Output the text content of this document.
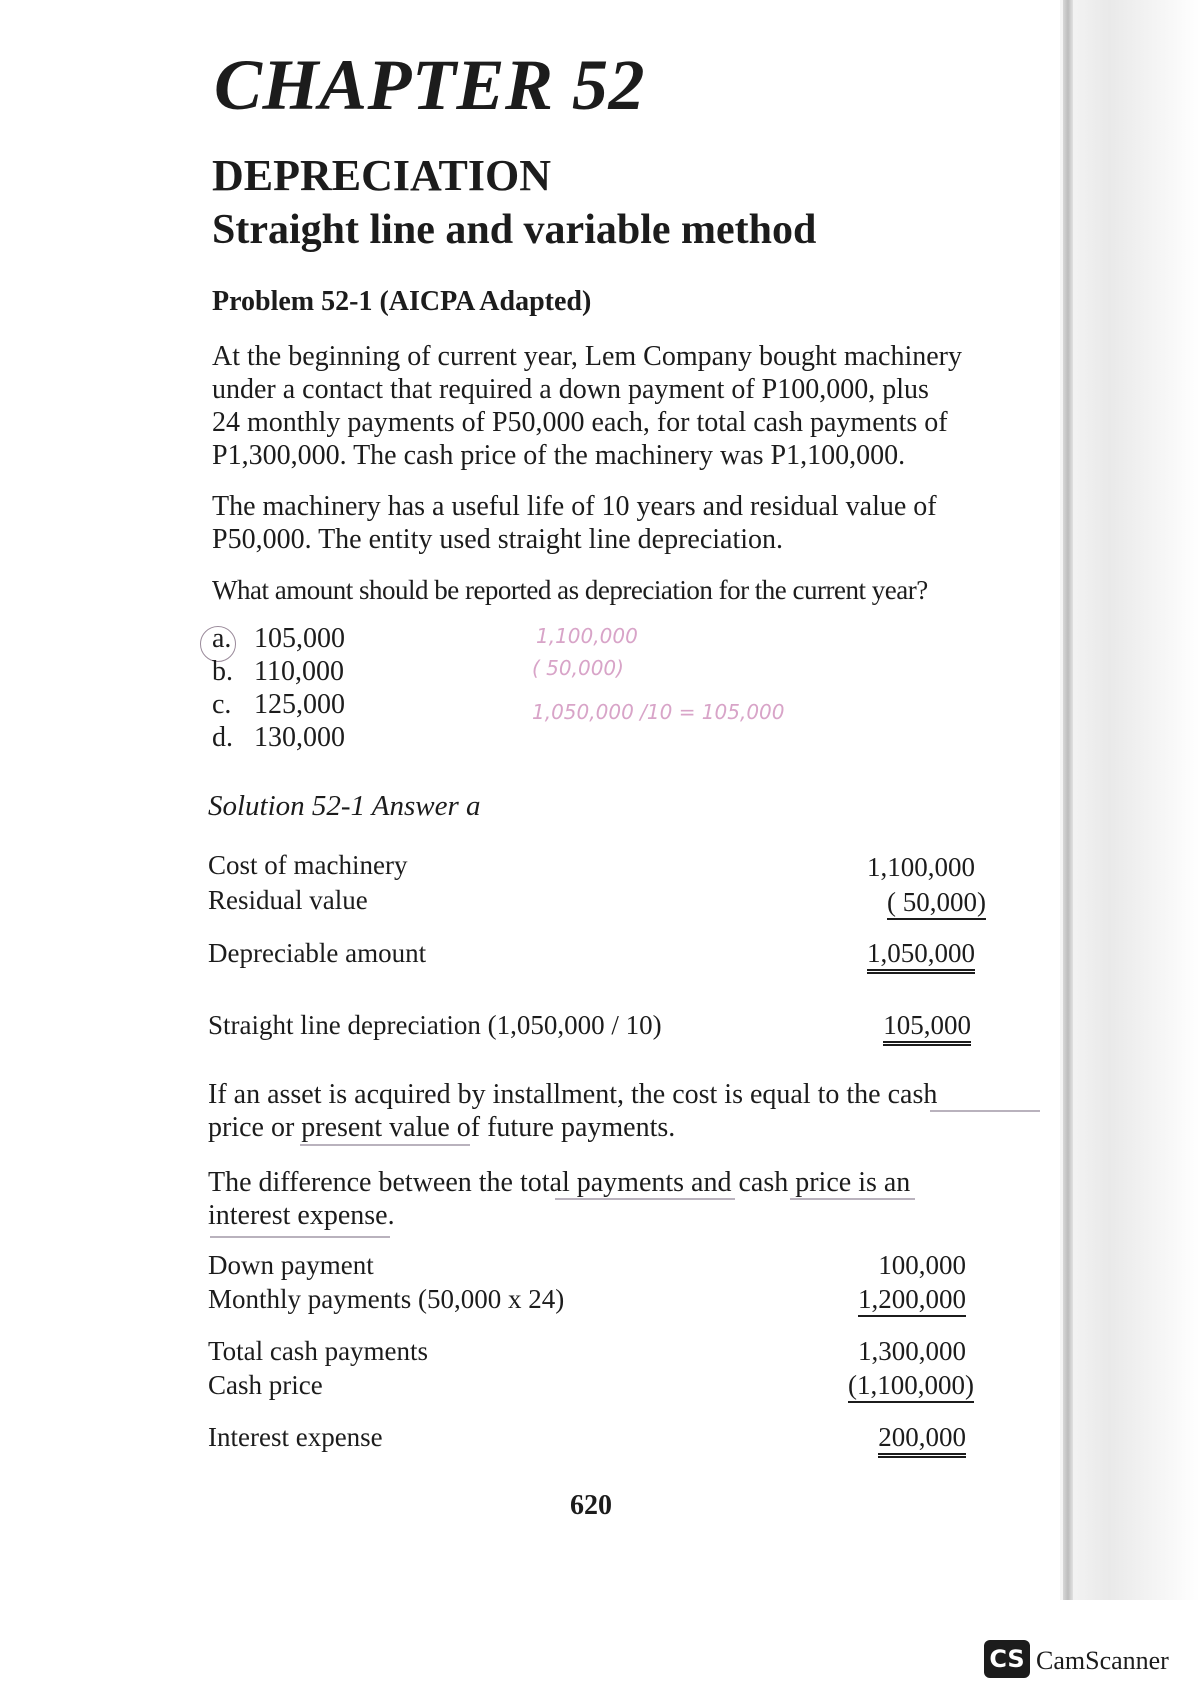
CHAPTER 52
DEPRECIATION
Straight line and variable method
Problem 52-1 (AICPA Adapted)

At the beginning of current year, Lem Company bought machinery

under a contact that required a down payment of P100,000, plus

24 monthly payments of P50,000 each, for total cash payments of

P1,300,000. The cash price of the machinery was P1,100,000.

The machinery has a useful life of 10 years and residual value of

P50,000. The entity used straight line depreciation.

What amount should be reported as depreciation for the current year?

a. 105,000
b. 110,000
c. 125,000
d. 130,000
1,100,000
( 50,000)
1,050,000 /10 = 105,000
Solution 52-1 Answer a
Cost of machinery	1,100,000
Residual value	( 50,000)
Depreciable amount	1,050,000
Straight line depreciation (1,050,000 / 10)	105,000

If an asset is acquired by installment, the cost is equal to the cash

price or present value of future payments.

The difference between the total payments and cash price is an

interest expense.

Down payment	100,000
Monthly payments (50,000 x 24)	1,200,000
Total cash payments	1,300,000
Cash price	(1,100,000)
Interest expense	200,000
620
CS CamScanner
